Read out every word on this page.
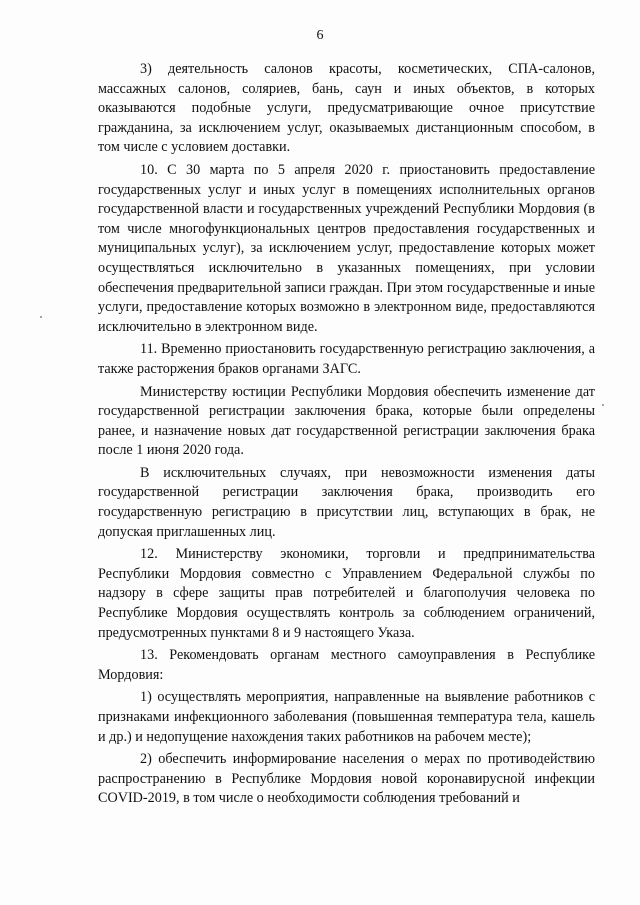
6

3) деятельность салонов красоты, косметических, СПА-салонов, массажных салонов, соляриев, бань, саун и иных объектов, в которых оказываются подобные услуги, предусматривающие очное присутствие гражданина, за исключением услуг, оказываемых дистанционным способом, в том числе с условием доставки.

10. С 30 марта по 5 апреля 2020 г. приостановить предоставление государственных услуг и иных услуг в помещениях исполнительных органов государственной власти и государственных учреждений Республики Мордовия (в том числе многофункциональных центров предоставления государственных и муниципальных услуг), за исключением услуг, предоставление которых может осуществляться исключительно в указанных помещениях, при условии обеспечения предварительной записи граждан. При этом государственные и иные услуги, предоставление которых возможно в электронном виде, предоставляются исключительно в электронном виде.

11. Временно приостановить государственную регистрацию заключения, а также расторжения браков органами ЗАГС.

Министерству юстиции Республики Мордовия обеспечить изменение дат государственной регистрации заключения брака, которые были определены ранее, и назначение новых дат государственной регистрации заключения брака после 1 июня 2020 года.

В исключительных случаях, при невозможности изменения даты государственной регистрации заключения брака, производить его государственную регистрацию в присутствии лиц, вступающих в брак, не допуская приглашенных лиц.

12. Министерству экономики, торговли и предпринимательства Республики Мордовия совместно с Управлением Федеральной службы по надзору в сфере защиты прав потребителей и благополучия человека по Республике Мордовия осуществлять контроль за соблюдением ограничений, предусмотренных пунктами 8 и 9 настоящего Указа.

13. Рекомендовать органам местного самоуправления в Республике Мордовия:

1) осуществлять мероприятия, направленные на выявление работников с признаками инфекционного заболевания (повышенная температура тела, кашель и др.) и недопущение нахождения таких работников на рабочем месте);

2) обеспечить информирование населения о мерах по противодействию распространению в Республике Мордовия новой коронавирусной инфекции COVID-2019, в том числе о необходимости соблюдения требований и
